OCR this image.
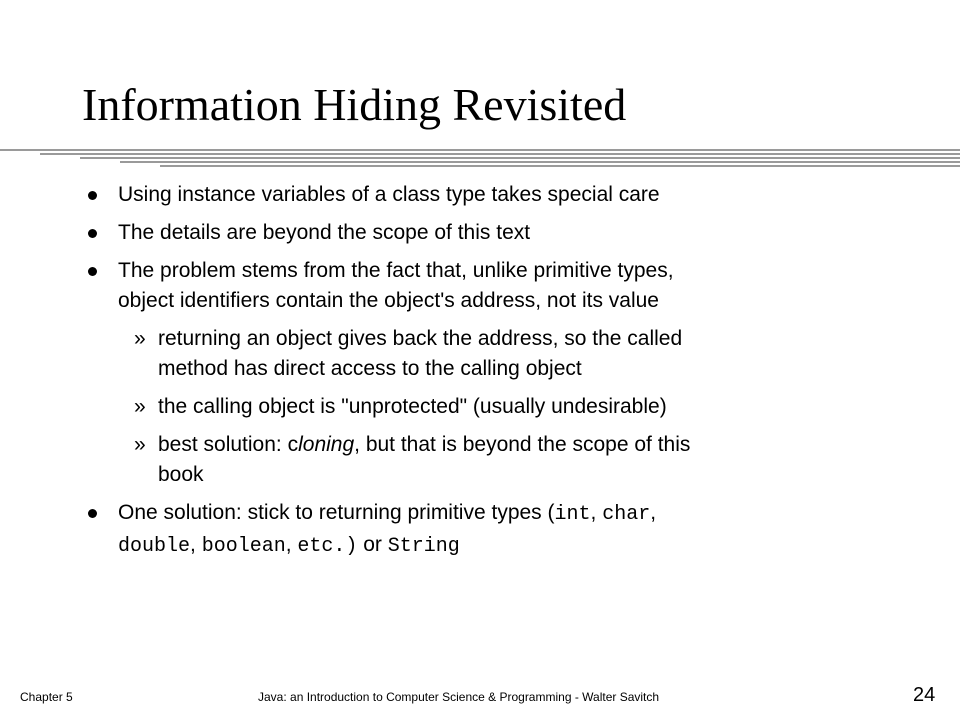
Information Hiding Revisited
Using instance variables of a class type takes special care
The details are beyond the scope of this text
The problem stems from the fact that, unlike primitive types,
object identifiers contain the object's address, not its value
» returning an object gives back the address, so the called
method has direct access to the calling object
» the calling object is "unprotected" (usually undesirable)
» best solution: cloning, but that is beyond the scope of this
book
One solution: stick to returning primitive types (int, char,
double, boolean, etc.) or String
Chapter 5	Java: an Introduction to Computer Science & Programming - Walter Savitch	24
